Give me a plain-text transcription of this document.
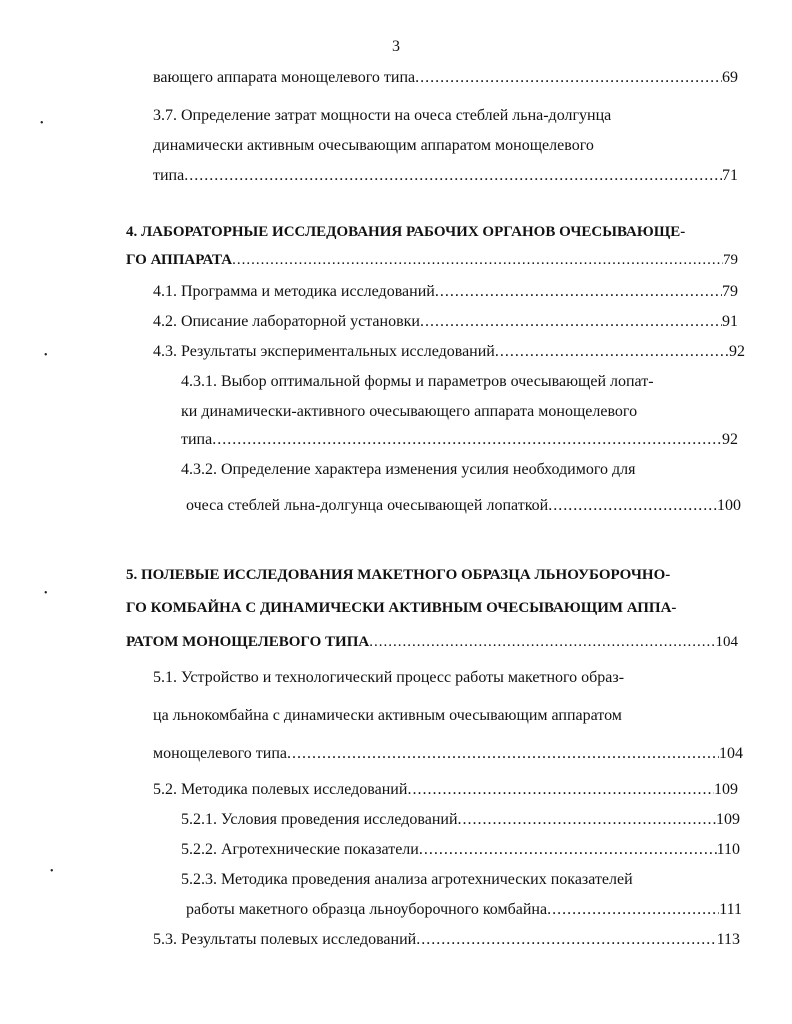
3
•
•
•
•
вающего аппарата монощелевого типа .....	69
3.7. Определение затрат мощности на очеса стеблей льна-долгунца
динамически активным очесывающим аппаратом монощелевого
типа .....	71
4. ЛАБОРАТОРНЫЕ ИССЛЕДОВАНИЯ РАБОЧИХ ОРГАНОВ ОЧЕСЫВАЮЩЕ-
ГО АППАРАТА .....	79
4.1. Программа и методика исследований .....	79
4.2. Описание лабораторной установки .....	91
4.3. Результаты экспериментальных исследований .....	92
4.3.1. Выбор оптимальной формы и параметров очесывающей лопат-
ки динамически-активного очесывающего аппарата монощелевого
типа .....	92
4.3.2. Определение характера изменения усилия необходимого для
очеса стеблей льна-долгунца очесывающей лопаткой .....	100
5. ПОЛЕВЫЕ ИССЛЕДОВАНИЯ МАКЕТНОГО ОБРАЗЦА ЛЬНОУБОРОЧНО-
ГО КОМБАЙНА С ДИНАМИЧЕСКИ АКТИВНЫМ ОЧЕСЫВАЮЩИМ АППА-
РАТОМ МОНОЩЕЛЕВОГО ТИПА .....	104
5.1. Устройство и технологический процесс работы макетного образ-
ца льнокомбайна с динамически активным очесывающим аппаратом
монощелевого типа .....	104
5.2. Методика полевых исследований .....	109
5.2.1. Условия проведения исследований .....	109
5.2.2. Агротехнические показатели .....	110
5.2.3. Методика проведения анализа агротехнических показателей
работы макетного образца льноуборочного комбайна .....	111
5.3. Результаты полевых исследований .....	113
